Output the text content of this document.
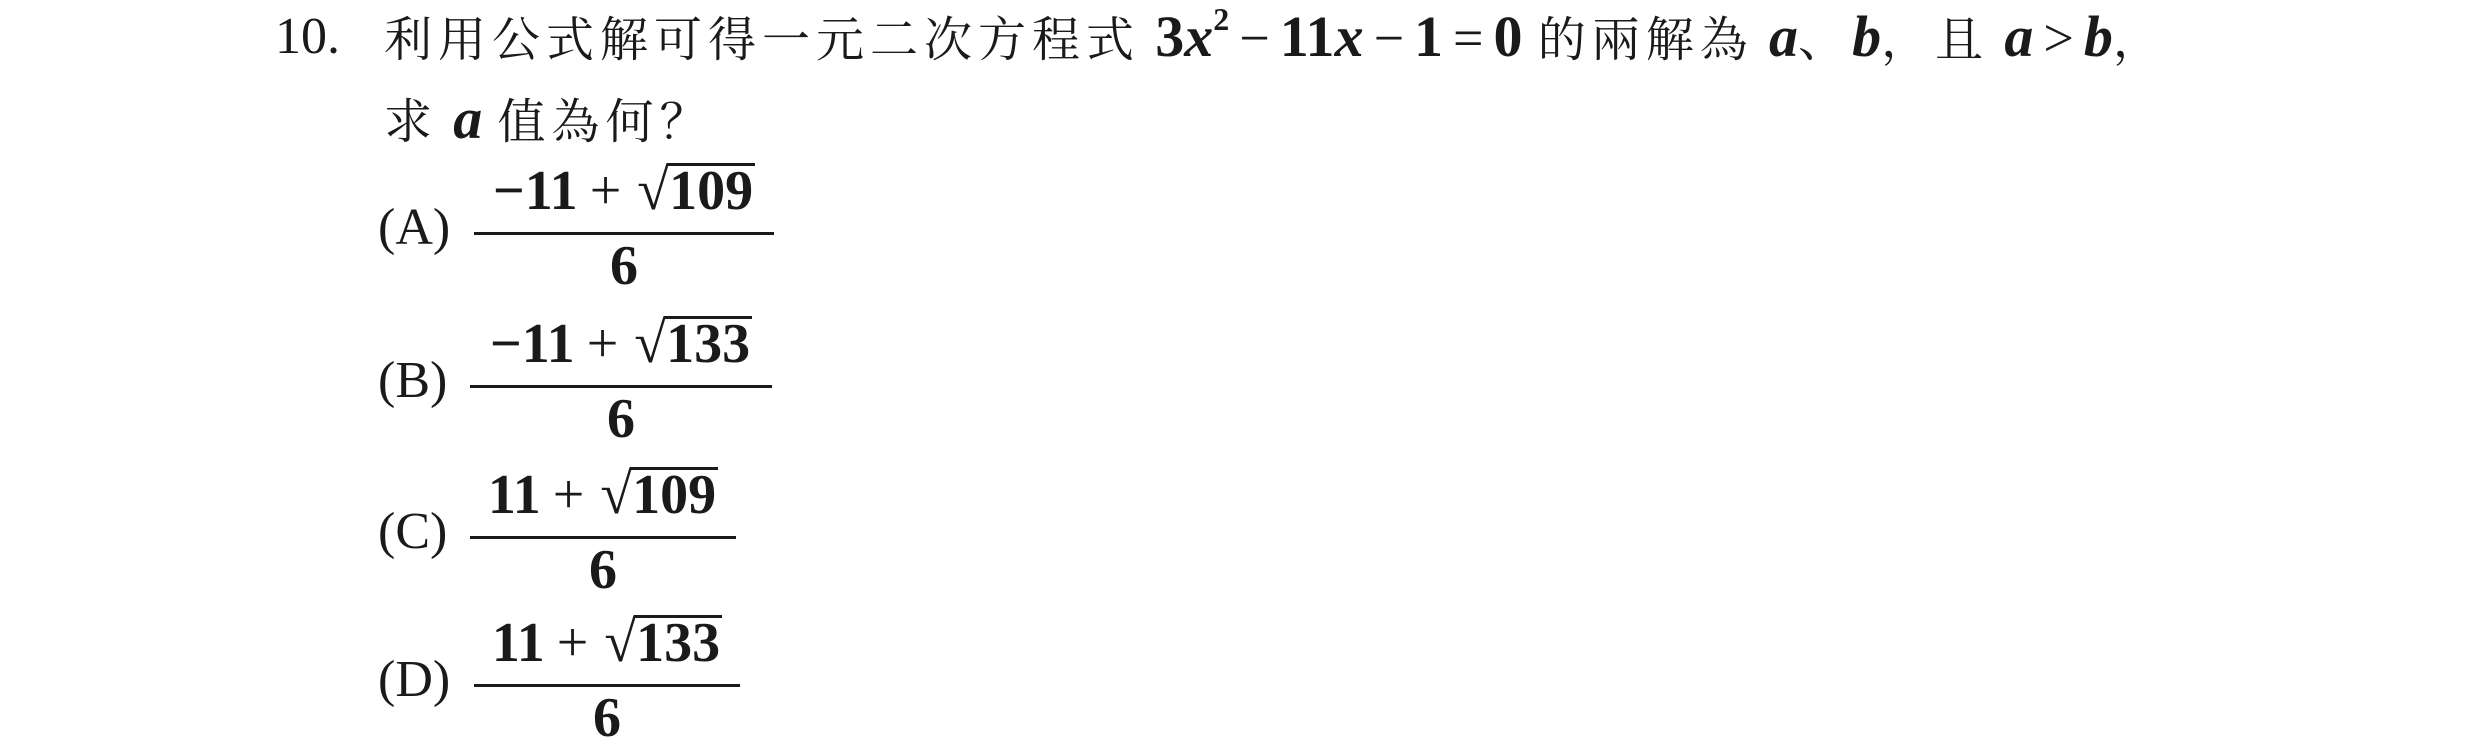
10. 利用公式解可得一元二次方程式 $3x^2 - 11x - 1 = 0$ 的兩解為 a、b，且 a > b，
求 a 值為何？
(A)
−11 + √109
6
(B)
−11 + √133
6
(C)
11 + √109
6
(D)
11 + √133
6
